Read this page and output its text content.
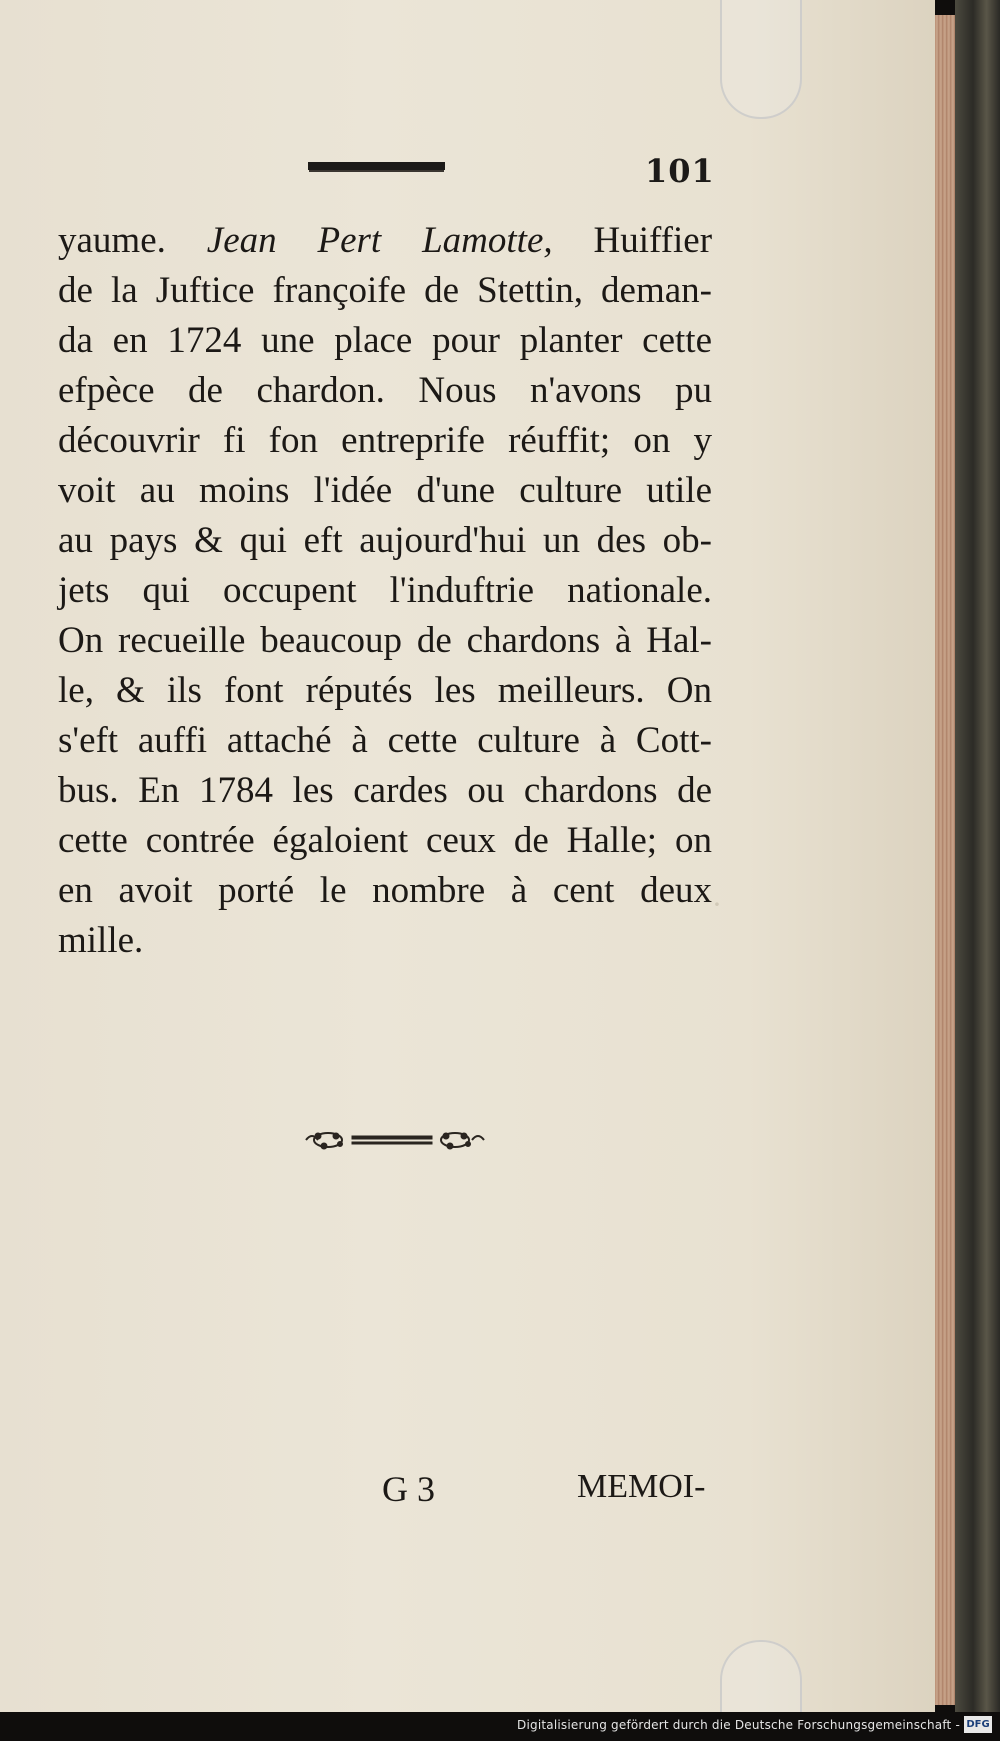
·
101
yaume. Jean Pert Lamotte, Huiffier
de la Juftice françoife de Stettin, deman-
da en 1724 une place pour planter cette
efpèce de chardon. Nous n'avons pu
découvrir fi fon entreprife réuffit; on y
voit au moins l'idée d'une culture utile
au pays & qui eft aujourd'hui un des ob-
jets qui occupent l'induftrie nationale.
On recueille beaucoup de chardons à Hal-
le, & ils font réputés les meilleurs. On
s'eft auffi attaché à cette culture à Cott-
bus. En 1784 les cardes ou chardons de
cette contrée égaloient ceux de Halle; on
en avoit porté le nombre à cent deux
mille.
G 3	MEMOI-
Digitalisierung gefördert durch die Deutsche Forschungsgemeinschaft - DFG
